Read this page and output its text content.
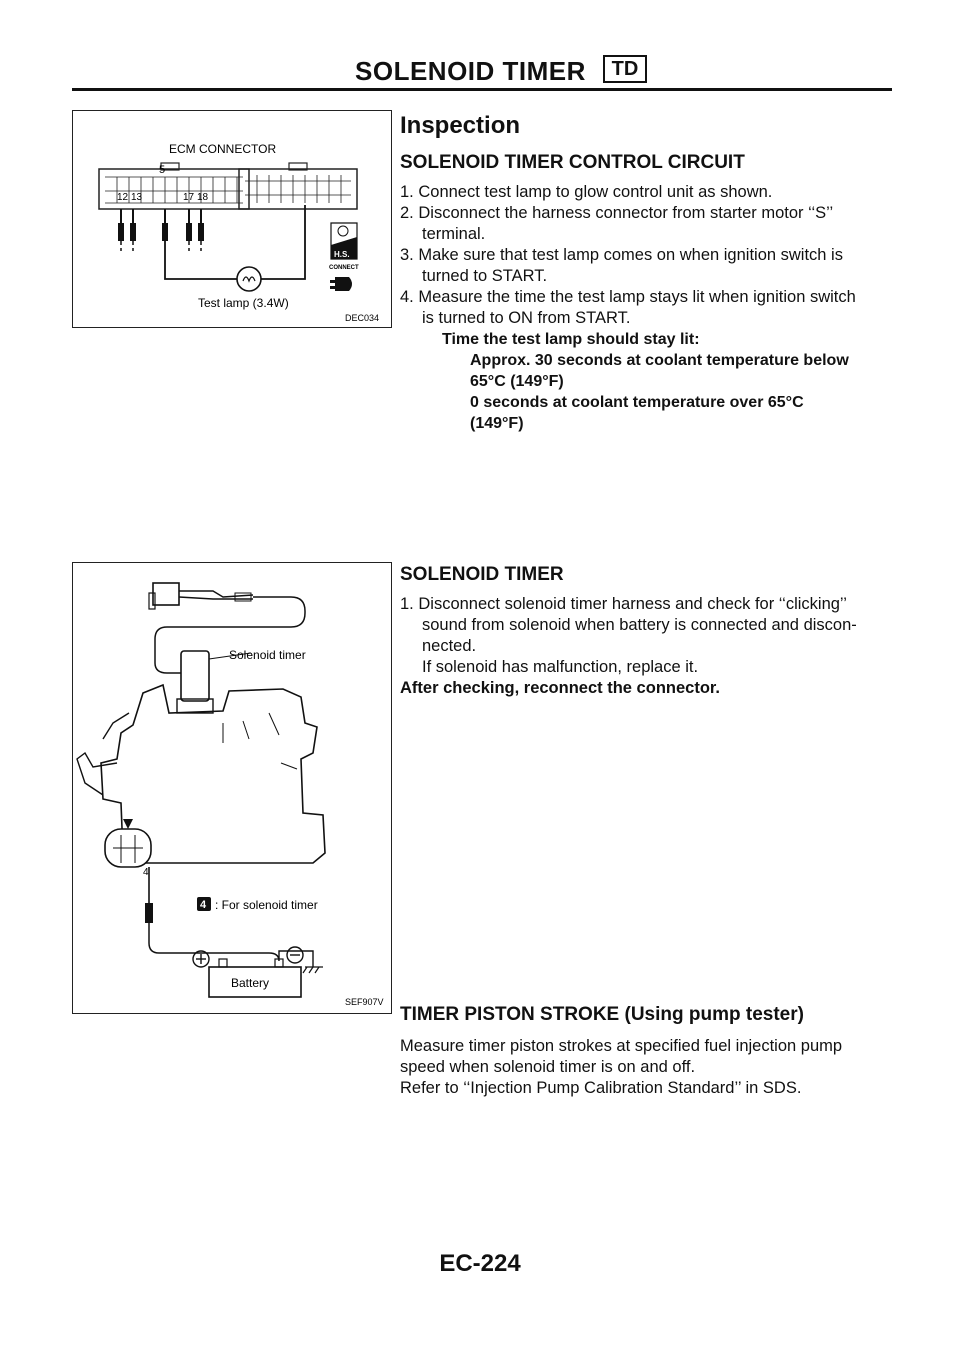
SOLENOID TIMER	TD
ECM CONNECTOR
12 13
5
17 18
Test lamp (3.4W)
H.S.
CONNECT
DEC034
Solenoid timer
4
4 : For solenoid timer
Battery
SEF907V
Inspection
SOLENOID TIMER CONTROL CIRCUIT
1. Connect test lamp to glow control unit as shown.
2. Disconnect the harness connector from starter motor ‘‘S’’
terminal.
3. Make sure that test lamp comes on when ignition switch is
turned to START.
4. Measure the time the test lamp stays lit when ignition switch
is turned to ON from START.
Time the test lamp should stay lit:
Approx. 30 seconds at coolant temperature below
65°C (149°F)
0 seconds at coolant temperature over 65°C
(149°F)
SOLENOID TIMER
1. Disconnect solenoid timer harness and check for ‘‘clicking’’
sound from solenoid when battery is connected and discon-
nected.
If solenoid has malfunction, replace it.
After checking, reconnect the connector.
TIMER PISTON STROKE (Using pump tester)
Measure timer piston strokes at specified fuel injection pump
speed when solenoid timer is on and off.
Refer to ‘‘Injection Pump Calibration Standard’’ in SDS.
EC-224
